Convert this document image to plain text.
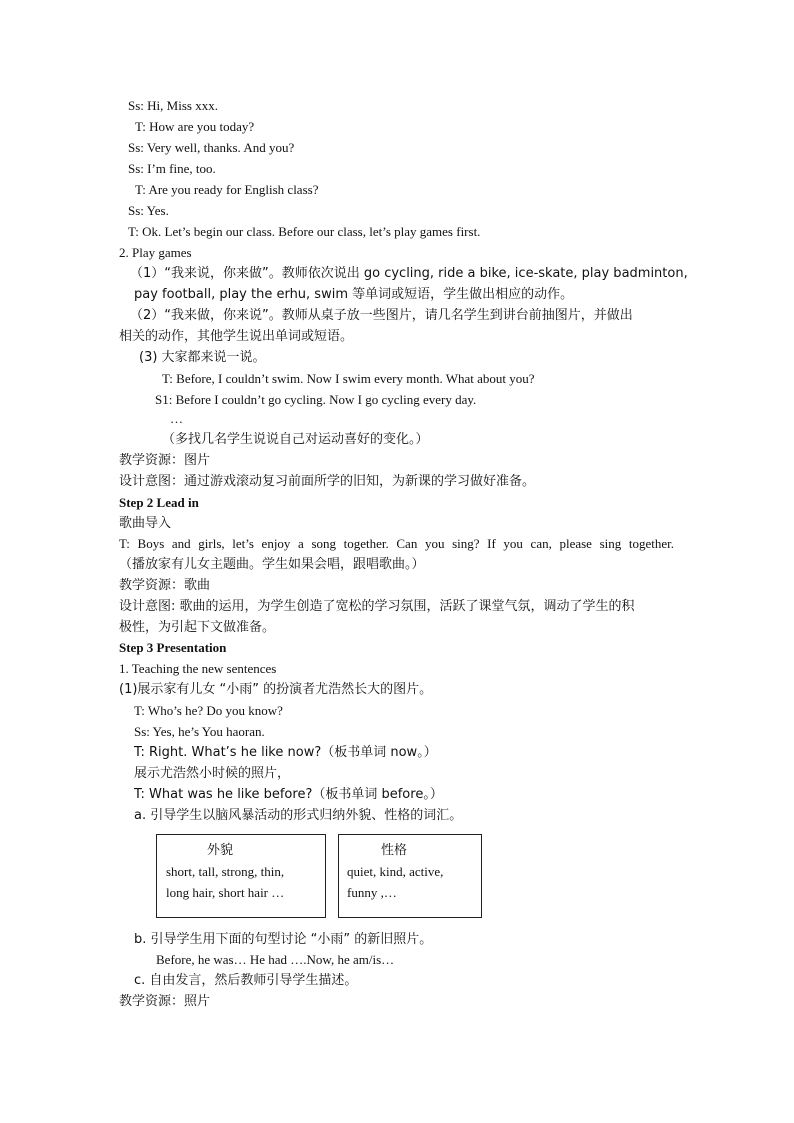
Ss: Hi, Miss xxx.
T: How are you today?
Ss: Very well, thanks. And you?
Ss: I’m fine, too.
T: Are you ready for English class?
Ss: Yes.
T: Ok. Let’s begin our class. Before our class, let’s play games first.
2. Play games
（1）“我来说，你来做”。教师依次说出 go cycling, ride a bike, ice-skate, play badminton,
pay football, play the erhu, swim 等单词或短语，学生做出相应的动作。
（2）“我来做，你来说”。教师从桌子放一些图片，请几名学生到讲台前抽图片，并做出
相关的动作，其他学生说出单词或短语。
(3) 大家都来说一说。
T: Before, I couldn’t swim. Now I swim every month. What about you?
S1: Before I couldn’t go cycling. Now I go cycling every day.
…
（多找几名学生说说自己对运动喜好的变化。）
教学资源：图片
设计意图：通过游戏滚动复习前面所学的旧知，为新课的学习做好准备。
Step 2 Lead in
歌曲导入
T: Boys and girls, let’s enjoy a song together. Can you sing? If you can, please sing together.
（播放家有儿女主题曲。学生如果会唱，跟唱歌曲。）
教学资源：歌曲
设计意图: 歌曲的运用，为学生创造了宽松的学习氛围，活跃了课堂气氛，调动了学生的积
极性，为引起下文做准备。
Step 3 Presentation
1. Teaching the new sentences
(1)展示家有儿女 “小雨” 的扮演者尤浩然长大的图片。
T: Who’s he? Do you know?
Ss: Yes, he’s You haoran.
T: Right. What’s he like now?（板书单词 now。）
展示尤浩然小时候的照片，
T: What was he like before?（板书单词 before。）
a. 引导学生以脑风暴活动的形式归纳外貌、性格的词汇。
外貌
short, tall, strong, thin,
long hair, short hair …
性格
quiet, kind, active,
funny ,…
b. 引导学生用下面的句型讨论 “小雨” 的新旧照片。
Before, he was… He had ….Now, he am/is…
c. 自由发言，然后教师引导学生描述。
教学资源：照片
